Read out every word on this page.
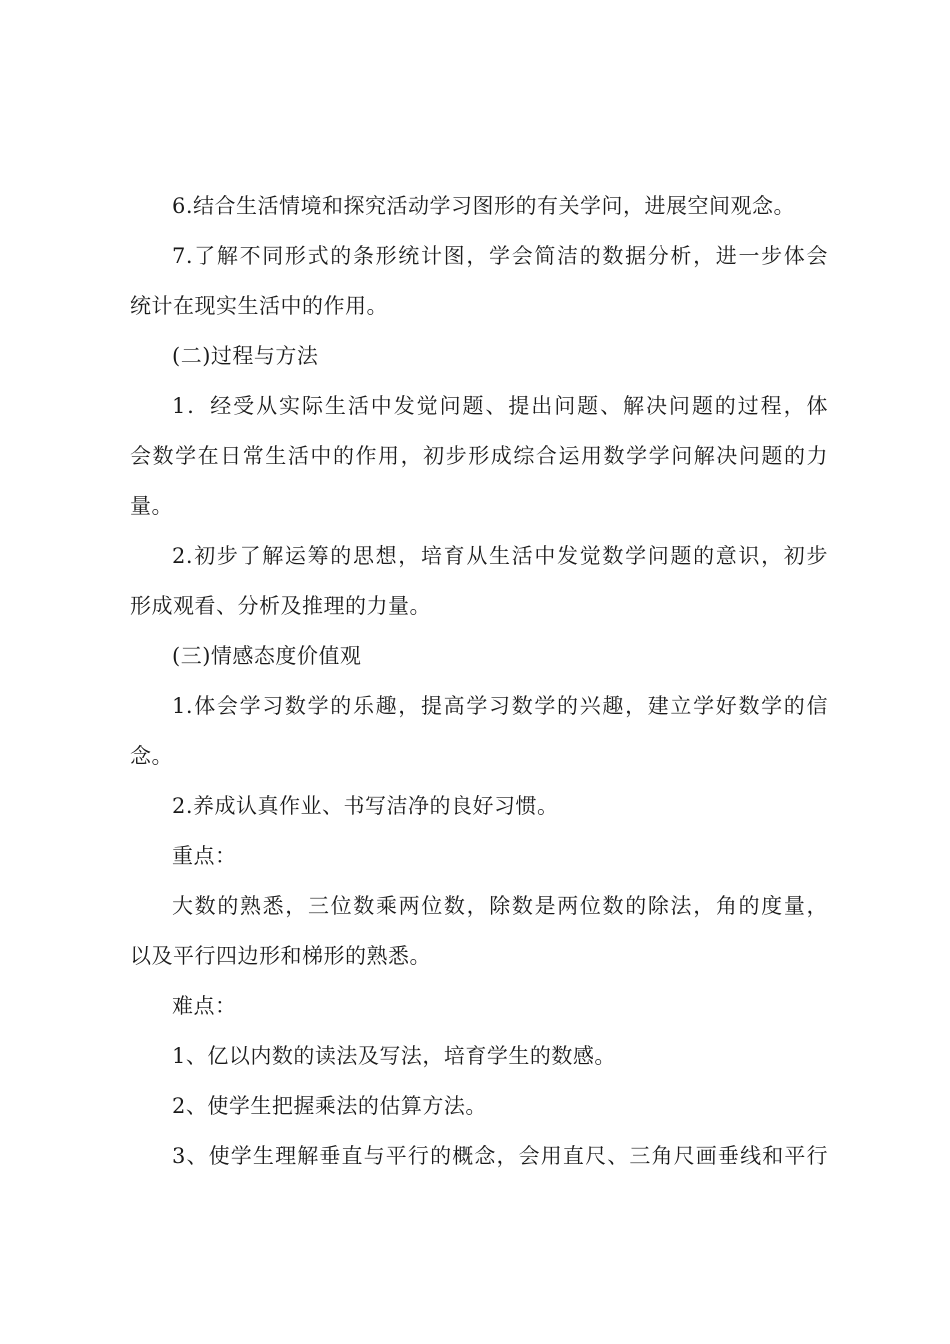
6.结合生活情境和探究活动学习图形的有关学问，进展空间观念。
7.了解不同形式的条形统计图，学会简洁的数据分析，进一步体会
统计在现实生活中的作用。
(二)过程与方法
1．经受从实际生活中发觉问题、提出问题、解决问题的过程，体
会数学在日常生活中的作用，初步形成综合运用数学学问解决问题的力
量。
2.初步了解运筹的思想，培育从生活中发觉数学问题的意识，初步
形成观看、分析及推理的力量。
(三)情感态度价值观
1.体会学习数学的乐趣，提高学习数学的兴趣，建立学好数学的信
念。
2.养成认真作业、书写洁净的良好习惯。
重点：
大数的熟悉，三位数乘两位数，除数是两位数的除法，角的度量，
以及平行四边形和梯形的熟悉。
难点：
1、亿以内数的读法及写法，培育学生的数感。
2、使学生把握乘法的估算方法。
3、使学生理解垂直与平行的概念，会用直尺、三角尺画垂线和平行
